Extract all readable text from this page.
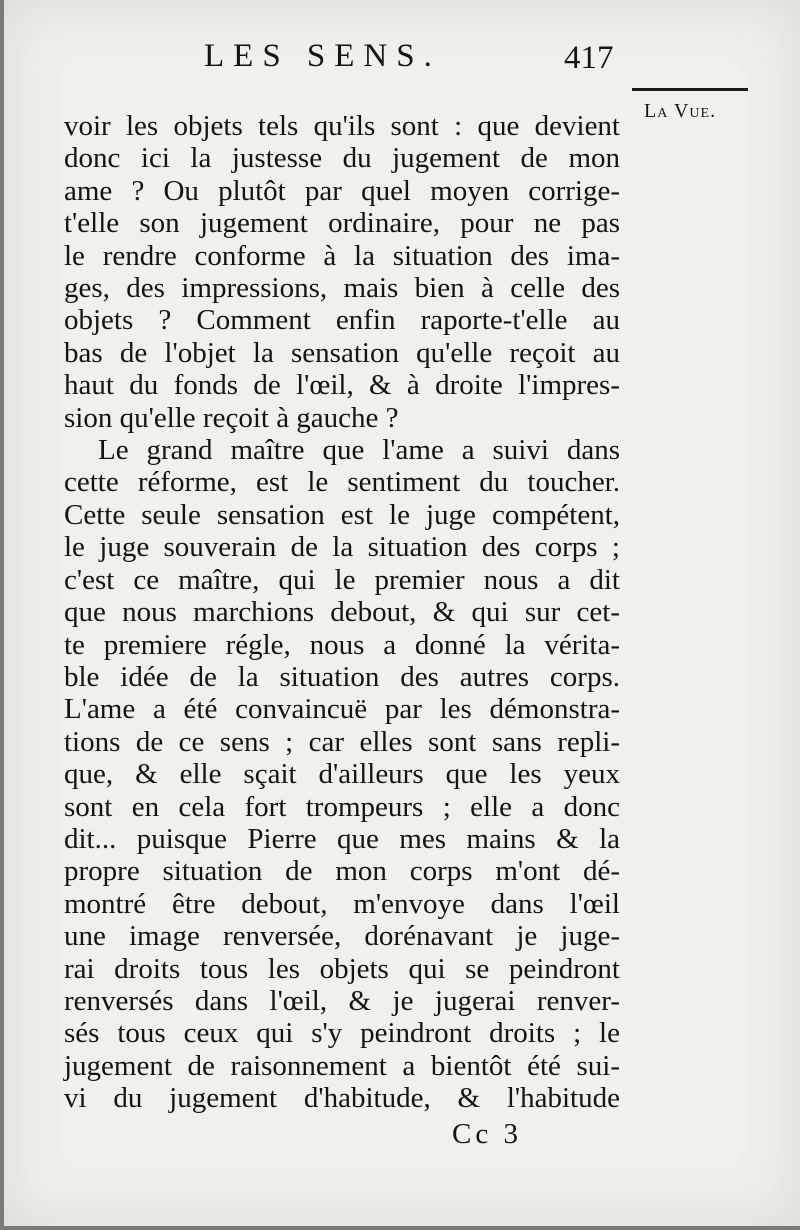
LES SENS.	417
La Vue.
voir les objets tels qu'ils sont : que devient
donc ici la justesse du jugement de mon
ame ? Ou plutôt par quel moyen corrige-
t'elle son jugement ordinaire, pour ne pas
le rendre conforme à la situation des ima-
ges, des impressions, mais bien à celle des
objets ? Comment enfin raporte-t'elle au
bas de l'objet la sensation qu'elle reçoit au
haut du fonds de l'œil, & à droite l'impres-
sion qu'elle reçoit à gauche ?
Le grand maître que l'ame a suivi dans
cette réforme, est le sentiment du toucher.
Cette seule sensation est le juge compétent,
le juge souverain de la situation des corps ;
c'est ce maître, qui le premier nous a dit
que nous marchions debout, & qui sur cet-
te premiere régle, nous a donné la vérita-
ble idée de la situation des autres corps.
L'ame a été convaincuë par les démonstra-
tions de ce sens ; car elles sont sans repli-
que, & elle sçait d'ailleurs que les yeux
sont en cela fort trompeurs ; elle a donc
dit... puisque Pierre que mes mains & la
propre situation de mon corps m'ont dé-
montré être debout, m'envoye dans l'œil
une image renversée, dorénavant je juge-
rai droits tous les objets qui se peindront
renversés dans l'œil, & je jugerai renver-
sés tous ceux qui s'y peindront droits ; le
jugement de raisonnement a bientôt été sui-
vi du jugement d'habitude, & l'habitude
Cc 3
